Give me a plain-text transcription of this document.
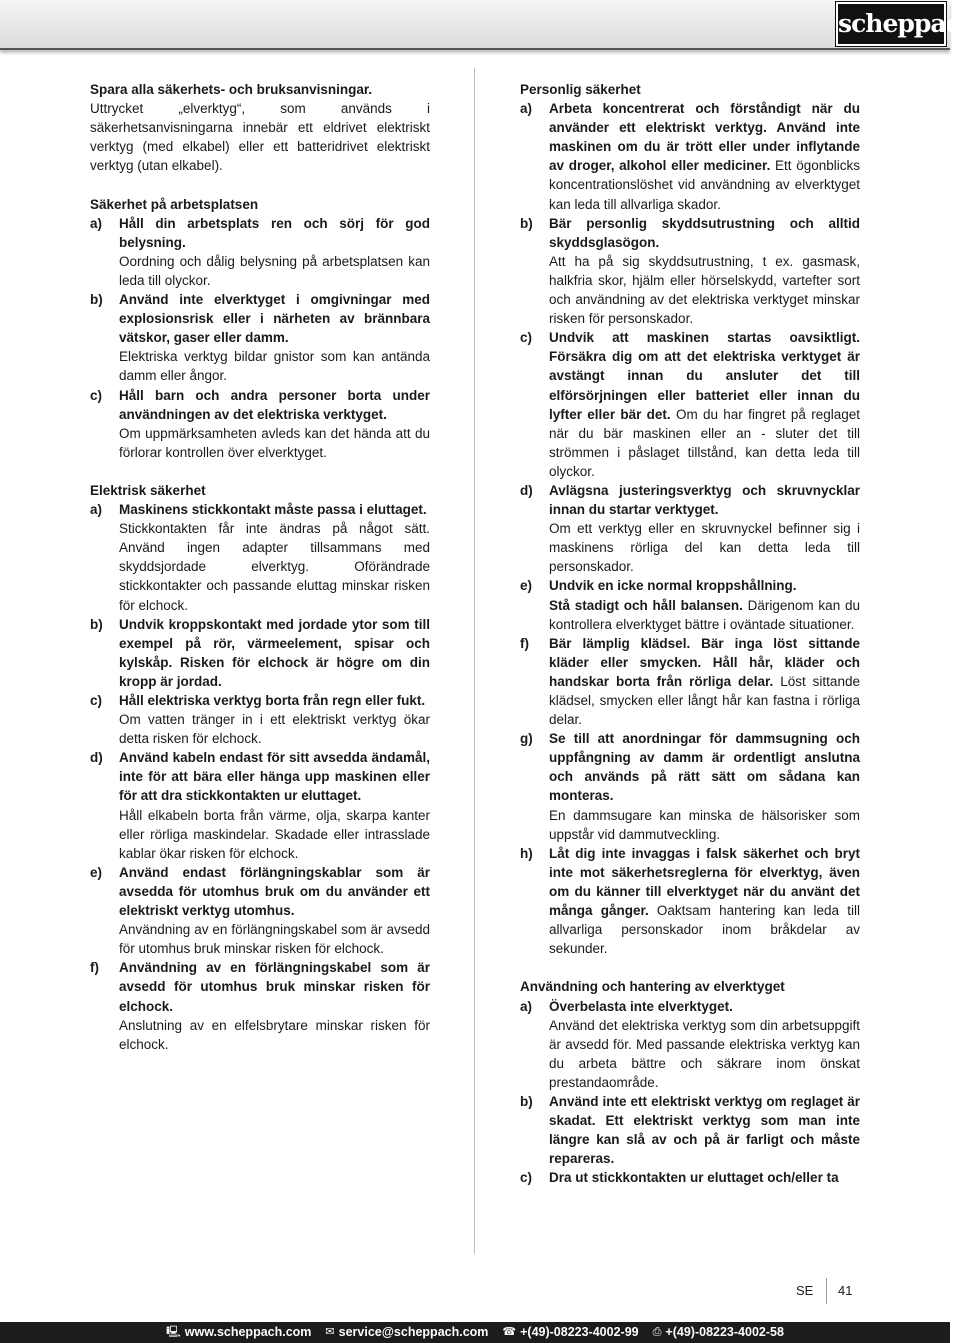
scheppach

Spara alla säkerhets- och bruksanvisningar.

Uttrycket „elverktyg“, som används i säkerhetsanvisningarna innebär ett eldrivet elektriskt verktyg (med elkabel) eller ett batteridrivet elektriskt verktyg (utan elkabel).

Säkerhet på arbetsplatsen

a)	Håll din arbetsplats ren och sörj för god belysning.
Oordning och dålig belysning på arbetsplatsen kan leda till olyckor.
b)	Använd inte elverktyget i omgivningar med explosionsrisk eller i närheten av brännbara vätskor, gaser eller damm.
Elektriska verktyg bildar gnistor som kan antända damm eller ångor.
c)	Håll barn och andra personer borta under användningen av det elektriska verktyget.
Om uppmärksamheten avleds kan det hända att du förlorar kontrollen över elverktyget.

Elektrisk säkerhet

a)	Maskinens stickkontakt måste passa i eluttaget.
Stickkontakten får inte ändras på något sätt. Använd ingen adapter tillsammans med skyddsjordade elverktyg. Oförändrade stickkontakter och passande eluttag minskar risken för elchock.
b)	Undvik kroppskontakt med jordade ytor som till exempel på rör, värmeelement, spisar och kylskåp. Risken för elchock är högre om din kropp är jordad.
c)	Håll elektriska verktyg borta från regn eller fukt.
Om vatten tränger in i ett elektriskt verktyg ökar detta risken för elchock.
d)	Använd kabeln endast för sitt avsedda ändamål, inte för att bära eller hänga upp maskinen eller för att dra stickkontakten ur eluttaget.
Håll elkabeln borta från värme, olja, skarpa kanter eller rörliga maskindelar. Skadade eller intrasslade kablar ökar risken för elchock.
e)	Använd endast förlängningskablar som är avsedda för utomhus bruk om du använder ett elektriskt verktyg utomhus.
Användning av en förlängningskabel som är avsedd för utomhus bruk minskar risken för elchock.
f)	Användning av en förlängningskabel som är avsedd för utomhus bruk minskar risken för elchock.
Anslutning av en elfelsbrytare minskar risken för elchock.

Personlig säkerhet

a)	Arbeta koncentrerat och förståndigt när du använder ett elektriskt verktyg. Använd inte maskinen om du är trött eller under inflytande av droger, alkohol eller mediciner. Ett ögonblicks koncentrationslöshet vid användning av elverktyget kan leda till allvarliga skador.
b)	Bär personlig skyddsutrustning och alltid skyddsglasögon.
Att ha på sig skyddsutrustning, t ex. gasmask, halkfria skor, hjälm eller hörselskydd, vartefter sort och användning av det elektriska verktyget minskar risken för personskador.
c)	Undvik att maskinen startas oavsiktligt. Försäkra dig om att det elektriska verktyget är avstängt innan du ansluter det till elförsörjningen eller batteriet eller innan du lyfter eller bär det. Om du har fingret på reglaget när du bär maskinen eller an - sluter det till strömmen i påslaget tillstånd, kan detta leda till olyckor.
d)	Avlägsna justeringsverktyg och skruvnycklar innan du startar verktyget.
Om ett verktyg eller en skruvnyckel befinner sig i maskinens rörliga del kan detta leda till personskador.
e)	Undvik en icke normal kroppshållning.
Stå stadigt och håll balansen. Därigenom kan du kontrollera elverktyget bättre i oväntade situationer.
f)	Bär lämplig klädsel. Bär inga löst sittande kläder eller smycken. Håll hår, kläder och handskar borta från rörliga delar. Löst sittande klädsel, smycken eller långt hår kan fastna i rörliga delar.
g)	Se till att anordningar för dammsugning och uppfångning av damm är ordentligt anslutna och används på rätt sätt om sådana kan monteras.
En dammsugare kan minska de hälsorisker som uppstår vid dammutveckling.
h)	Låt dig inte invaggas i falsk säkerhet och bryt inte mot säkerhetsreglerna för elverktyg, även om du känner till elverktyget när du använt det många gånger. Oaktsam hantering kan leda till allvarliga personskador inom bråkdelar av sekunder.

Användning och hantering av elverktyget

a)	Överbelasta inte elverktyget.
Använd det elektriska verktyg som din arbetsuppgift är avsedd för. Med passande elektriska verktyg kan du arbeta bättre och säkrare inom önskat prestandaområde.
b)	Använd inte ett elektriskt verktyg om reglaget är skadat. Ett elektriskt verktyg som man inte längre kan slå av och på är farligt och måste repareras.
c)	Dra ut stickkontakten ur eluttaget och/eller ta
SE 41
🖳 www.scheppach.com ✉ service@scheppach.com ☎ +(49)-08223-4002-99 ⎙ +(49)-08223-4002-58
